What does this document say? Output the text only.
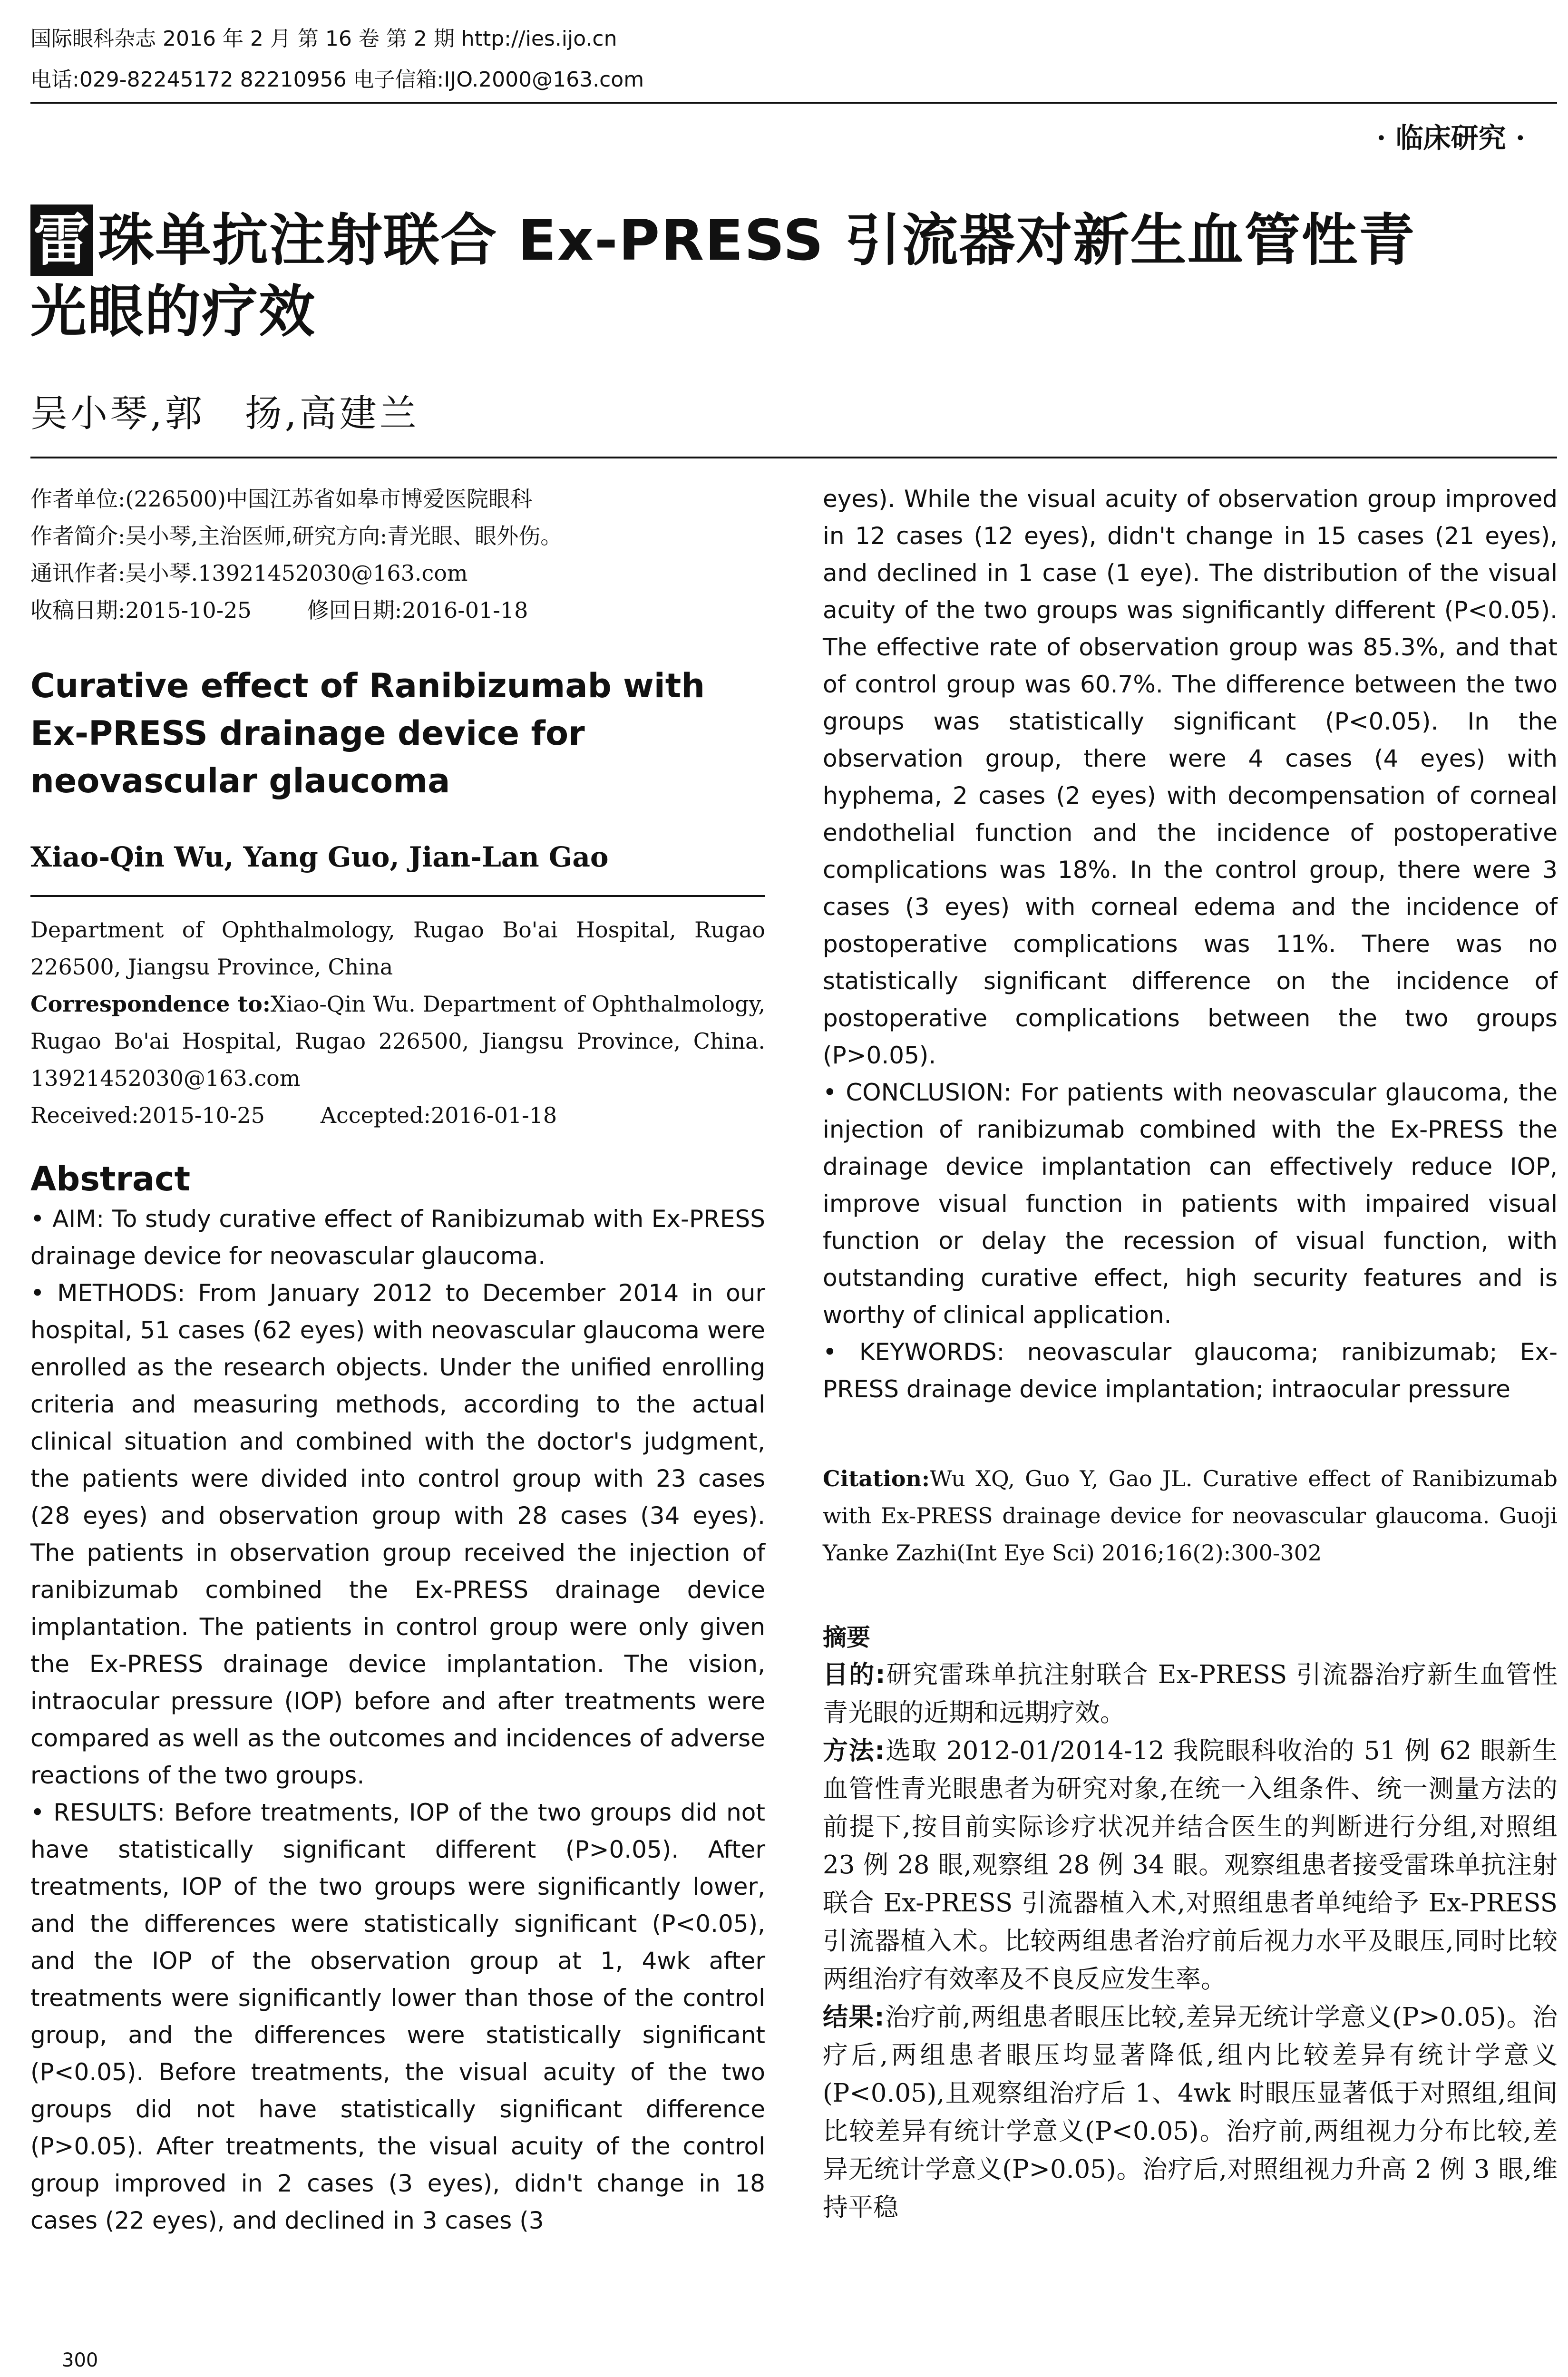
国际眼科杂志 2016 年 2 月 第 16 卷 第 2 期 http://ies.ijo.cn
电话:029-82245172 82210956 电子信箱:IJO.2000@163.com
· 临床研究 ·
雷 珠单抗注射联合 Ex-PRESS 引流器对新生血管性青
光眼的疗效
吴小琴,郭　扬,高建兰
作者单位:(226500)中国江苏省如皋市博爱医院眼科
作者简介:吴小琴,主治医师,研究方向:青光眼、眼外伤。
通讯作者:吴小琴.13921452030@163.com
收稿日期:2015-10-25        修回日期:2016-01-18
Curative effect of Ranibizumab with Ex-PRESS drainage device for neovascular glaucoma
Xiao-Qin Wu, Yang Guo, Jian-Lan Gao
Department of Ophthalmology, Rugao Bo'ai Hospital, Rugao 226500, Jiangsu Province, China
Correspondence to:Xiao-Qin Wu. Department of Ophthalmology, Rugao Bo'ai Hospital, Rugao 226500, Jiangsu Province, China. 13921452030@163.com
Received:2015-10-25        Accepted:2016-01-18
Abstract

• AIM: To study curative effect of Ranibizumab with Ex-PRESS drainage device for neovascular glaucoma.

• METHODS: From January 2012 to December 2014 in our hospital, 51 cases (62 eyes) with neovascular glaucoma were enrolled as the research objects. Under the unified enrolling criteria and measuring methods, according to the actual clinical situation and combined with the doctor's judgment, the patients were divided into control group with 23 cases (28 eyes) and observation group with 28 cases (34 eyes). The patients in observation group received the injection of ranibizumab combined the Ex-PRESS drainage device implantation. The patients in control group were only given the Ex-PRESS drainage device implantation. The vision, intraocular pressure (IOP) before and after treatments were compared as well as the outcomes and incidences of adverse reactions of the two groups.

• RESULTS: Before treatments, IOP of the two groups did not have statistically significant different (P>0.05). After treatments, IOP of the two groups were significantly lower, and the differences were statistically significant (P<0.05), and the IOP of the observation group at 1, 4wk after treatments were significantly lower than those of the control group, and the differences were statistically significant (P<0.05). Before treatments, the visual acuity of the two groups did not have statistically significant difference (P>0.05). After treatments, the visual acuity of the control group improved in 2 cases (3 eyes), didn't change in 18 cases (22 eyes), and declined in 3 cases (3

eyes). While the visual acuity of observation group improved in 12 cases (12 eyes), didn't change in 15 cases (21 eyes), and declined in 1 case (1 eye). The distribution of the visual acuity of the two groups was significantly different (P<0.05). The effective rate of observation group was 85.3%, and that of control group was 60.7%. The difference between the two groups was statistically significant (P<0.05). In the observation group, there were 4 cases (4 eyes) with hyphema, 2 cases (2 eyes) with decompensation of corneal endothelial function and the incidence of postoperative complications was 18%. In the control group, there were 3 cases (3 eyes) with corneal edema and the incidence of postoperative complications was 11%. There was no statistically significant difference on the incidence of postoperative complications between the two groups (P>0.05).

• CONCLUSION: For patients with neovascular glaucoma, the injection of ranibizumab combined with the Ex-PRESS the drainage device implantation can effectively reduce IOP, improve visual function in patients with impaired visual function or delay the recession of visual function, with outstanding curative effect, high security features and is worthy of clinical application.

• KEYWORDS: neovascular glaucoma; ranibizumab; Ex-PRESS drainage device implantation; intraocular pressure

Citation:Wu XQ, Guo Y, Gao JL. Curative effect of Ranibizumab with Ex-PRESS drainage device for neovascular glaucoma. Guoji Yanke Zazhi(Int Eye Sci) 2016;16(2):300-302
摘要

目的:研究雷珠单抗注射联合 Ex-PRESS 引流器治疗新生血管性青光眼的近期和远期疗效。

方法:选取 2012-01/2014-12 我院眼科收治的 51 例 62 眼新生血管性青光眼患者为研究对象,在统一入组条件、统一测量方法的前提下,按目前实际诊疗状况并结合医生的判断进行分组,对照组 23 例 28 眼,观察组 28 例 34 眼。观察组患者接受雷珠单抗注射联合 Ex-PRESS 引流器植入术,对照组患者单纯给予 Ex-PRESS 引流器植入术。比较两组患者治疗前后视力水平及眼压,同时比较两组治疗有效率及不良反应发生率。

结果:治疗前,两组患者眼压比较,差异无统计学意义(P>0.05)。治疗后,两组患者眼压均显著降低,组内比较差异有统计学意义(P<0.05),且观察组治疗后 1、4wk 时眼压显著低于对照组,组间比较差异有统计学意义(P<0.05)。治疗前,两组视力分布比较,差异无统计学意义(P>0.05)。治疗后,对照组视力升高 2 例 3 眼,维持平稳

300
